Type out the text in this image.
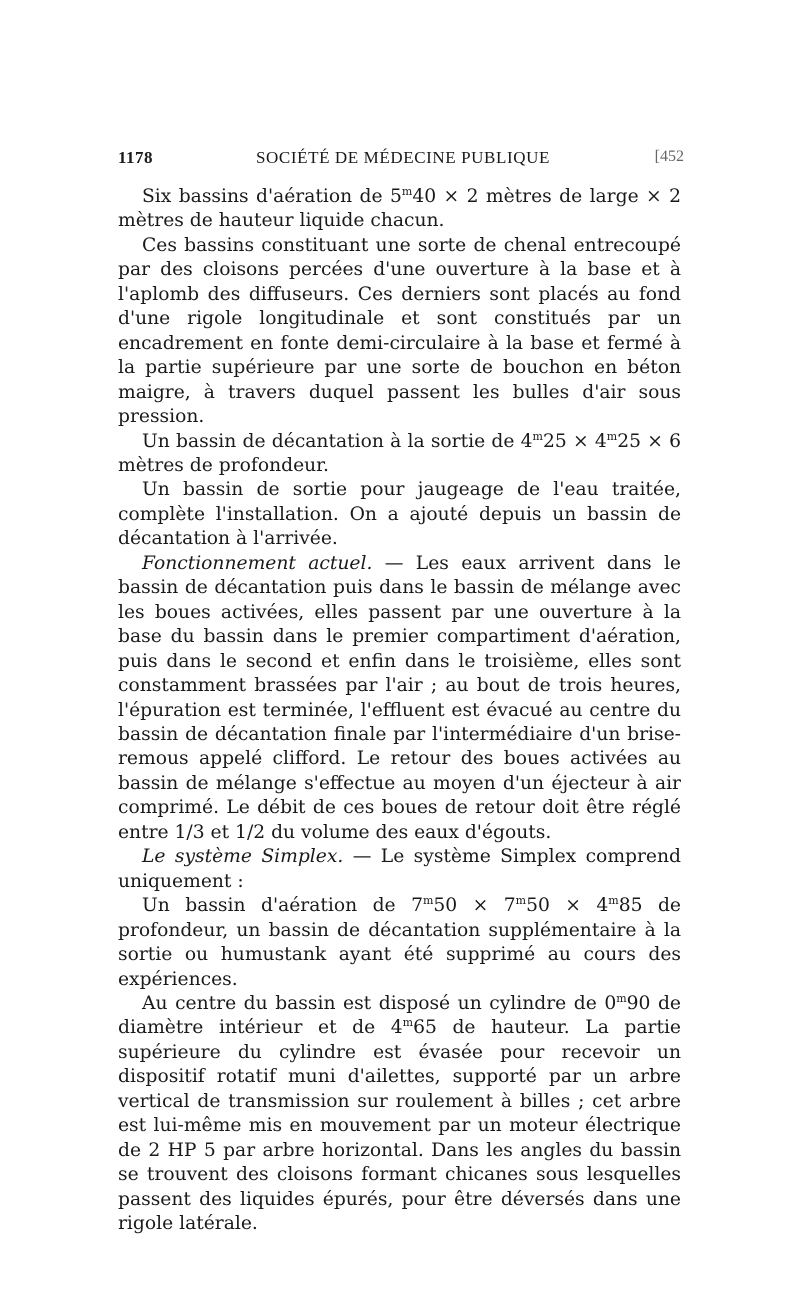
1178	SOCIÉTÉ DE MÉDECINE PUBLIQUE	[452

Six bassins d'aération de $5^m40 \times 2$ mètres de large × 2 mètres de hauteur liquide chacun.

Ces bassins constituant une sorte de chenal entrecoupé par des cloisons percées d'une ouverture à la base et à l'aplomb des diffuseurs. Ces derniers sont placés au fond d'une rigole longitudinale et sont constitués par un encadrement en fonte demi-circulaire à la base et fermé à la partie supérieure par une sorte de bouchon en béton maigre, à travers duquel passent les bulles d'air sous pression.

Un bassin de décantation à la sortie de $4^m25 \times 4^m25 \times 6$ mètres de profondeur.

Un bassin de sortie pour jaugeage de l'eau traitée, complète l'installation. On a ajouté depuis un bassin de décantation à l'arrivée.

Fonctionnement actuel. — Les eaux arrivent dans le bassin de décantation puis dans le bassin de mélange avec les boues activées, elles passent par une ouverture à la base du bassin dans le premier compartiment d'aération, puis dans le second et enfin dans le troisième, elles sont constamment brassées par l'air ; au bout de trois heures, l'épuration est terminée, l'effluent est évacué au centre du bassin de décantation finale par l'intermédiaire d'un brise-remous appelé clifford. Le retour des boues activées au bassin de mélange s'effectue au moyen d'un éjecteur à air comprimé. Le débit de ces boues de retour doit être réglé entre 1/3 et 1/2 du volume des eaux d'égouts.

Le système Simplex. — Le système Simplex comprend uniquement :

Un bassin d'aération de $7^m50 \times 7^m50 \times 4^m85$ de profondeur, un bassin de décantation supplémentaire à la sortie ou humustank ayant été supprimé au cours des expériences.

Au centre du bassin est disposé un cylindre de 0$^m$90 de diamètre intérieur et de 4$^m$65 de hauteur. La partie supérieure du cylindre est évasée pour recevoir un dispositif rotatif muni d'ailettes, supporté par un arbre vertical de transmission sur roulement à billes ; cet arbre est lui-même mis en mouvement par un moteur électrique de 2 HP 5 par arbre horizontal. Dans les angles du bassin se trouvent des cloisons formant chicanes sous lesquelles passent des liquides épurés, pour être déversés dans une rigole latérale.
